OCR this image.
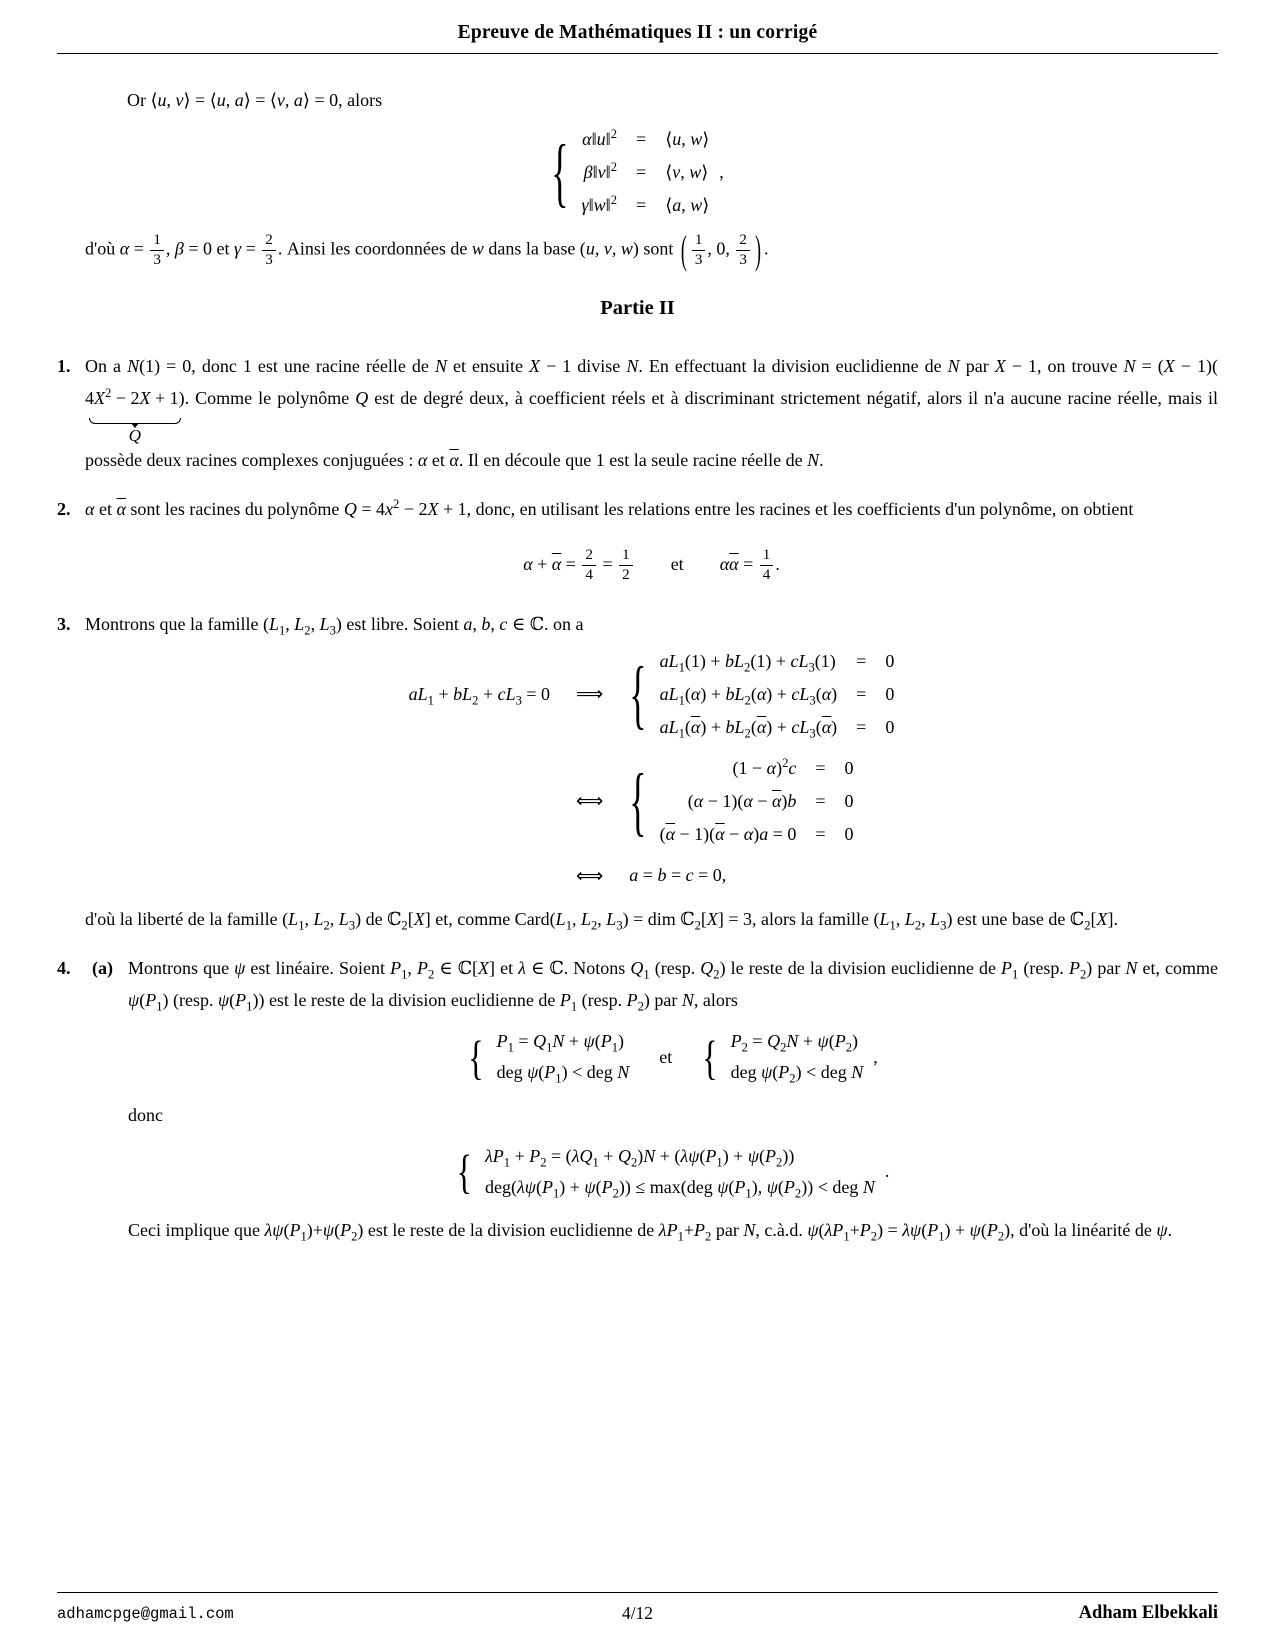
Epreuve de Mathématiques II : un corrigé

Or ⟨u, v⟩ = ⟨u, a⟩ = ⟨v, a⟩ = 0, alors

{ α‖u‖$^2$	=	⟨u, w⟩
β‖v‖$^2$	=	⟨v, w⟩
γ‖w‖$^2$	=	⟨a, w⟩
,

d'où $\alpha = \frac{1}{3}$ , β = 0 et $\gamma = \frac{2}{3}$ . Ainsi les coordonnées de w dans la base (u, v, w) sont ( $\frac{1}{3}$ , 0, $\frac{2}{3}$ ) .

Partie II
1. On a N(1) = 0, donc 1 est une racine réelle de N et ensuite X − 1 divise N. En effectuant la division euclidienne de N par X − 1, on trouve N = (X − 1)(
$4X^2 - 2X + 1$)
Q
. Comme le polynôme Q est de degré deux, à coefficient réels et à discriminant strictement négatif, alors il n'a aucune racine réelle, mais il possède deux racines complexes conjuguées : α et $\overline{\alpha}$. Il en découle que 1 est la seule racine réelle de N.

2. α et $\overline{\alpha}$ sont les racines du polynôme $Q = 4x^2 - 2X + 1$, donc, en utilisant les relations entre les racines et les coefficients d'un polynôme, on obtient

$\alpha + \overline{\alpha} = \frac{2}{4} = \frac{1}{2}$ et $\alpha\overline{\alpha} = \frac{1}{4}$ .
3. Montrons que la famille ($L_1$, $L_2$, $L_3$) est libre. Soient a, b, c ∈ ℂ. on a

$aL_1 + bL_2 + cL_3 = 0$ ⟹ { $aL_1(1) + bL_2(1) + cL_3(1)$	=	0
$aL_1(\alpha) + bL_2(\alpha) + cL_3(\alpha)$	=	0
$aL_1(\overline{\alpha}) + bL_2(\overline{\alpha}) + cL_3(\overline{\alpha})$	=	0
⟺ {	$(1 - \alpha)^2c$	=	0
$(\alpha - 1)(\alpha - \overline{\alpha})b$	=	0
$(\overline{\alpha} - 1)(\overline{\alpha} - \alpha)a = 0$	=	0
⟺ a = b = c = 0,

d'où la liberté de la famille ($L_1$, $L_2$, $L_3$) de ℂ$_2$[X] et, comme $Card(L_1$, $L_2$, $L_3$) = dim ℂ$_2$[X] = 3, alors la famille ($L_1$, $L_2$, $L_3$) est une base de ℂ$_2$[X].

4. (a) Montrons que ψ est linéaire. Soient $P_1$, $P_2$ ∈ ℂ[X] et λ ∈ ℂ. Notons $Q_1$ (resp. $Q_2$) le reste de la division euclidienne de $P_1$ (resp. $P_2$) par N et, comme $\psi(P_1)$ (resp. $\psi(P_1)$) est le reste de la division euclidienne de $P_1$ (resp. $P_2$) par N, alors

{ $P_1 = Q_1N + \psi(P_1)$
deg $\psi(P_1)$ < deg N
et { $P_2 = Q_2N + \psi(P_2)$
deg $\psi(P_2)$ < deg N
,

donc

{ $\lambda P_1 + P_2 = (\lambda Q_1 + Q_2)N + (\lambda\psi(P_1) + \psi(P_2))$
$deg(\lambda\psi(P_1) + \psi(P_2)) \le \max(deg$ $\psi(P_1)$, $\psi(P_2)$) < deg N
.

Ceci implique que $\lambda\psi(P_1)+\psi(P_2)$ est le reste de la division euclidienne de $\lambda P_1+P_2$ par N, c.à.d. $\psi(\lambda P_1+P_2) = \lambda\psi(P_1) + \psi(P_2)$, d'où la linéarité de ψ.

adhamcpge@gmail.com	4/12	Adham Elbekkali
